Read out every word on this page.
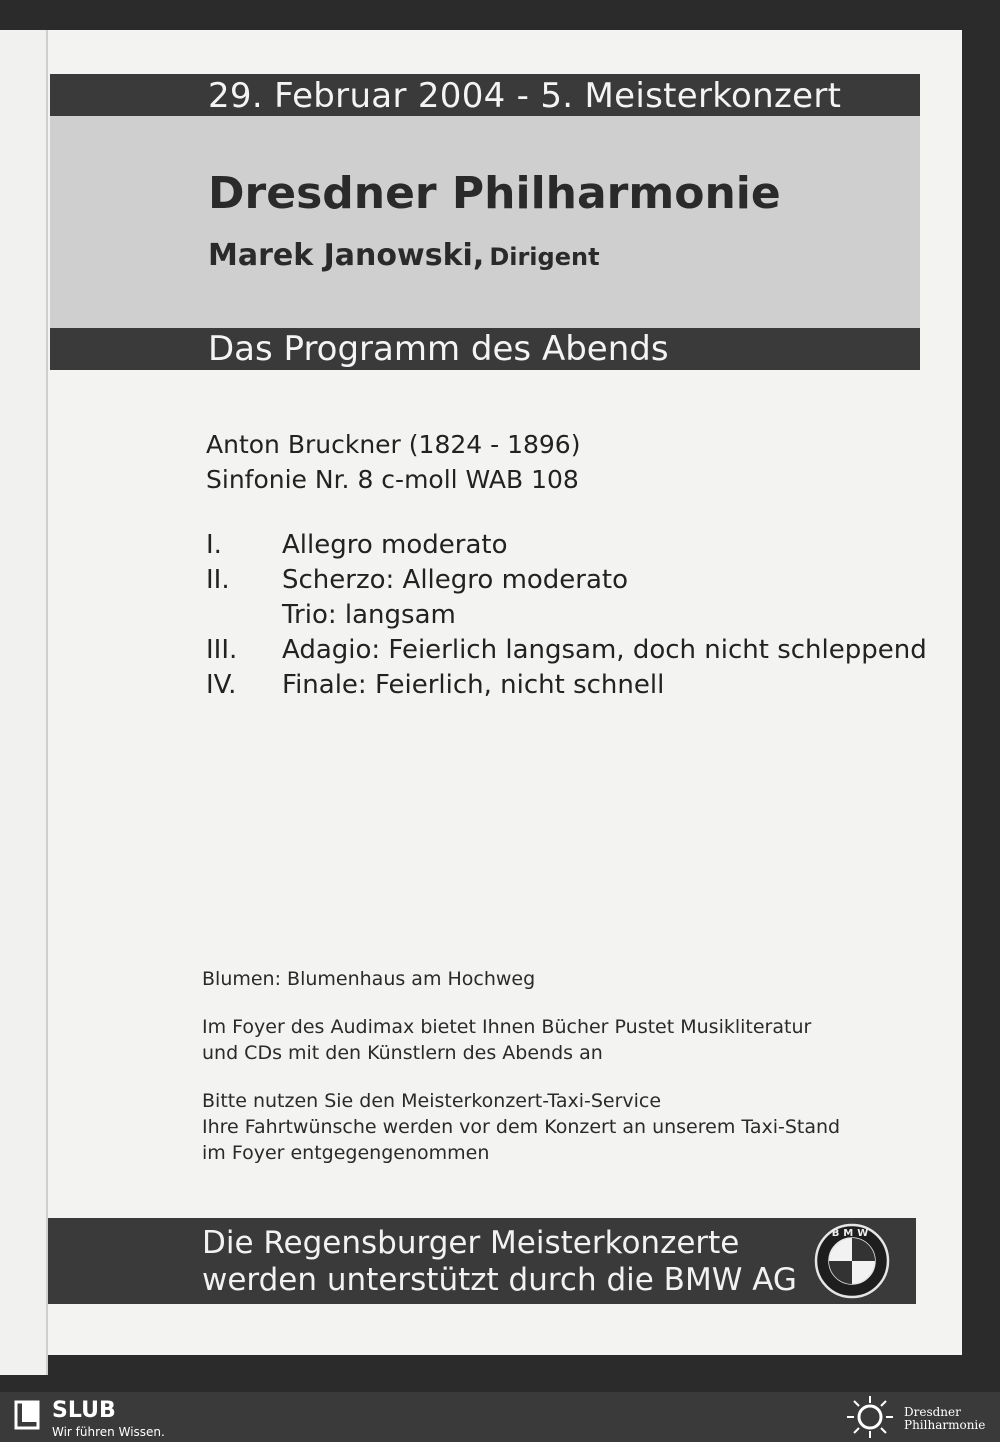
29. Februar 2004 - 5. Meisterkonzert
Dresdner Philharmonie
Marek Janowski, Dirigent
Das Programm des Abends
Anton Bruckner (1824 - 1896)
Sinfonie Nr. 8 c-moll WAB 108
I. Allegro moderato
II. Scherzo: Allegro moderato
Trio: langsam
III. Adagio: Feierlich langsam, doch nicht schleppend
IV. Finale: Feierlich, nicht schnell
Blumen: Blumenhaus am Hochweg
Im Foyer des Audimax bietet Ihnen Bücher Pustet Musikliteratur
und CDs mit den Künstlern des Abends an
Bitte nutzen Sie den Meisterkonzert-Taxi-Service
Ihre Fahrtwünsche werden vor dem Konzert an unserem Taxi-Stand
im Foyer entgegengenommen
Die Regensburger Meisterkonzerte
werden unterstützt durch die BMW AG
BMW
SLUB
Wir führen Wissen.
Dresdner
Philharmonie
